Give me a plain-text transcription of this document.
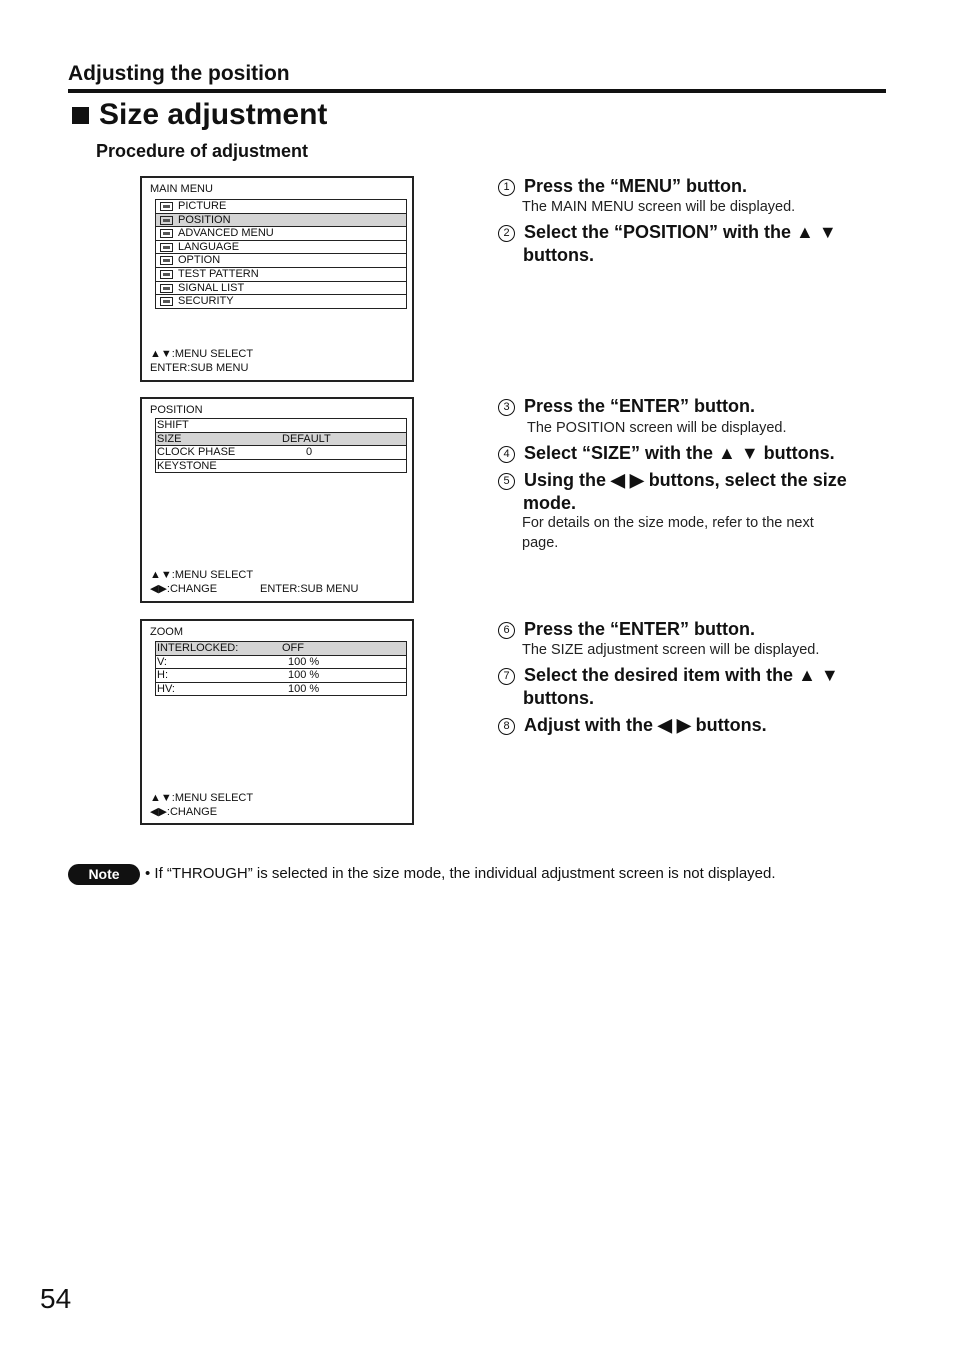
Adjusting the position
Size adjustment
Procedure of adjustment
MAIN MENU
PICTURE
POSITION
ADVANCED MENU
LANGUAGE
OPTION
TEST PATTERN
SIGNAL LIST
SECURITY
▲▼:MENU SELECT
ENTER:SUB MENU
POSITION
SHIFT
SIZE	DEFAULT
CLOCK PHASE	0
KEYSTONE
▲▼:MENU SELECT
◀▶:CHANGE	ENTER:SUB MENU
ZOOM
INTERLOCKED:	OFF
V:	100 %
H:	100 %
HV:	100 %
▲▼:MENU SELECT
◀▶:CHANGE
1 Press the “MENU” button.
The MAIN MENU screen will be displayed.
2 Select the “POSITION” with the ▲ ▼
buttons.
3 Press the “ENTER” button.
The POSITION screen will be displayed.
4 Select “SIZE” with the ▲ ▼ buttons.
5 Using the ◀ ▶ buttons, select the size
mode.
For details on the size mode, refer to the next
page.
6 Press the “ENTER” button.
The SIZE adjustment screen will be displayed.
7 Select the desired item with the ▲ ▼
buttons.
8 Adjust with the ◀ ▶ buttons.
Note	• If “THROUGH” is selected in the size mode, the individual adjustment screen is not displayed.
54
